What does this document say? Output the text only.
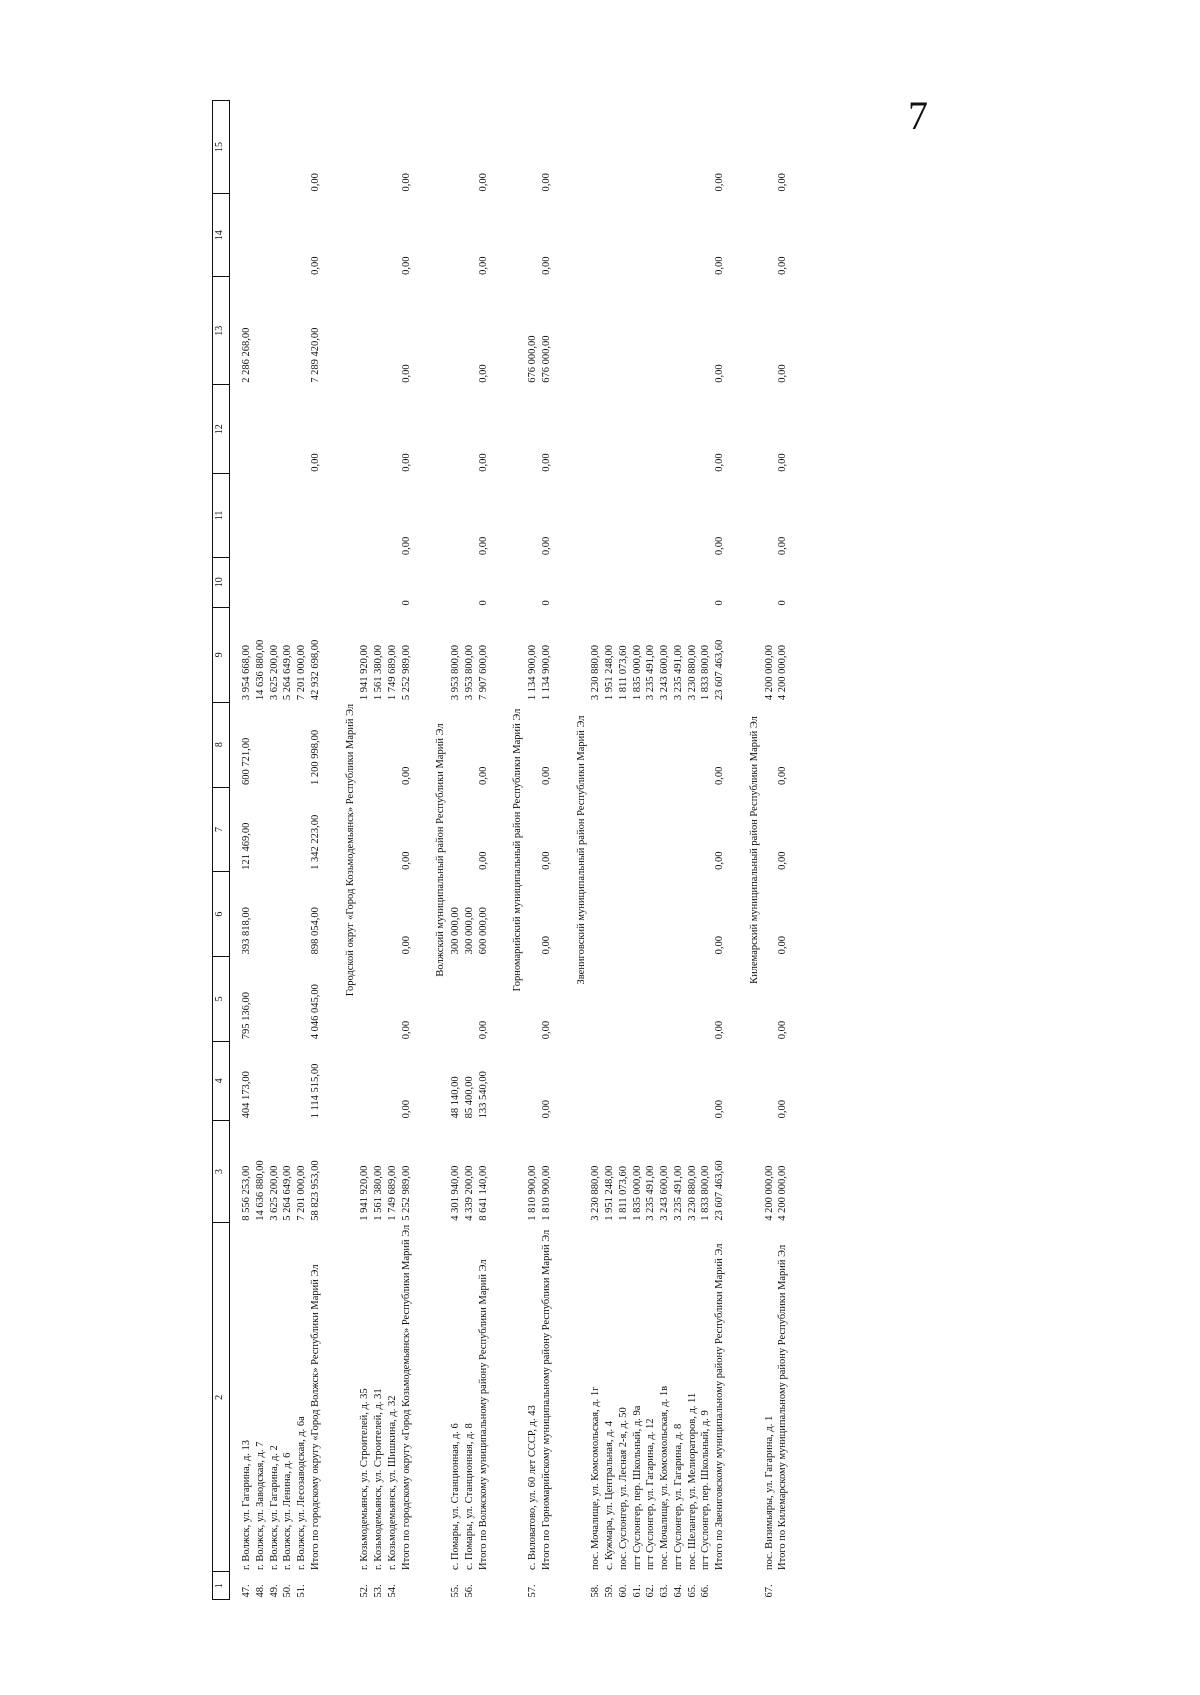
7
1	2	3	4	5	6	7	8	9	10	11	12	13	14	15

47.	г. Волжск, ул. Гагарина, д. 13	8 556 253,00	404 173,00	795 136,00	393 818,00	121 469,00	600 721,00	3 954 668,00				2 286 268,00		
48.	г. Волжск, ул. Заводская, д. 7	14 636 880,00						14 636 880,00						
49.	г. Волжск, ул. Гагарина, д. 2	3 625 200,00						3 625 200,00						
50.	г. Волжск, ул. Ленина, д. 6	5 264 649,00						5 264 649,00						
51.	г. Волжск, ул. Лесозаводская, д. 6а	7 201 000,00						7 201 000,00						
	Итого по городскому округу «Город Волжск» Республики Марий Эл	58 823 953,00	1 114 515,00	4 046 045,00	898 054,00	1 342 223,00	1 200 998,00	42 932 698,00			0,00	7 289 420,00	0,00	0,00

Городской округ «Город Козьмодемьянск» Республики Марий Эл														
52.	г. Козьмодемьянск, ул. Строителей, д. 35	1 941 920,00						1 941 920,00						
53.	г. Козьмодемьянск, ул. Строителей, д. 31	1 561 380,00						1 561 380,00						
54.	г. Козьмодемьянск, ул. Шишкина, д. 32	1 749 689,00						1 749 689,00						
	Итого по городскому округу «Город Козьмодемьянск» Республики Марий Эл	5 252 989,00	0,00	0,00	0,00	0,00	0,00	5 252 989,00	0	0,00	0,00	0,00	0,00	0,00

Волжский муниципальный район Республики Марий Эл														
55.	с. Помары, ул. Станционная, д. 6	4 301 940,00	48 140,00		300 000,00			3 953 800,00						
56.	с. Помары, ул. Станционная, д. 8	4 339 200,00	85 400,00		300 000,00			3 953 800,00						
	Итого по Волжскому муниципальному району Республики Марий Эл	8 641 140,00	133 540,00	0,00	600 000,00	0,00	0,00	7 907 600,00	0	0,00	0,00	0,00	0,00	0,00

Горномарийский муниципальный район Республики Марий Эл														
57.	с. Виловатово, ул. 60 лет СССР, д. 43	1 810 900,00						1 134 900,00				676 000,00		
	Итого по Горномарийскому муниципальному району Республики Марий Эл	1 810 900,00	0,00	0,00	0,00	0,00	0,00	1 134 900,00	0	0,00	0,00	676 000,00	0,00	0,00

Звениговский муниципальный район Республики Марий Эл														
58.	пос. Мочалище, ул. Комсомольская, д. 1г	3 230 880,00						3 230 880,00						
59.	с. Кужмара, ул. Центральная, д. 4	1 951 248,00						1 951 248,00						
60.	пос. Суслонгер, ул. Лесная 2-я, д. 50	1 811 073,60						1 811 073,60						
61.	пгт Суслонгер, пер. Школьный, д. 9а	1 835 000,00						1 835 000,00						
62.	пгт Суслонгер, ул. Гагарина, д. 12	3 235 491,00						3 235 491,00						
63.	пос. Мочалище, ул. Комсомольская, д. 1в	3 243 600,00						3 243 600,00						
64.	пгт Суслонгер, ул. Гагарина, д. 8	3 235 491,00						3 235 491,00						
65.	пос. Шелангер, ул. Мелиораторов, д. 11	3 230 880,00						3 230 880,00						
66.	пгт Суслонгер, пер. Школьный, д. 9	1 833 800,00						1 833 800,00						
	Итого по Звениговскому муниципальному району Республики Марий Эл	23 607 463,60	0,00	0,00	0,00	0,00	0,00	23 607 463,60	0	0,00	0,00	0,00	0,00	0,00

Килемарский муниципальный район Республики Марий Эл														
67.	пос. Визимьяры, ул. Гагарина, д. 1	4 200 000,00						4 200 000,00						
	Итого по Килемарскому муниципальному району Республики Марий Эл	4 200 000,00	0,00	0,00	0,00	0,00	0,00	4 200 000,00	0	0,00	0,00	0,00	0,00	0,00
